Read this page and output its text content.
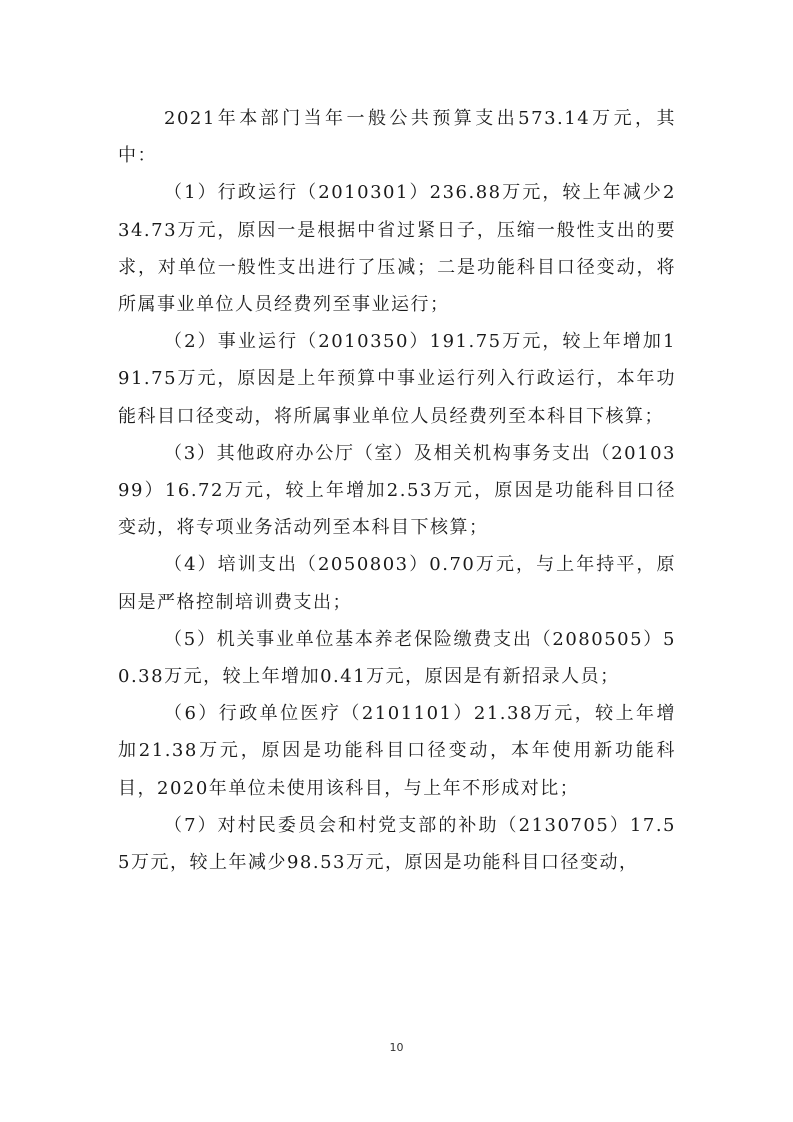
2021年本部门当年一般公共预算支出573.14万元，其中：

（1）行政运行（2010301）236.88万元，较上年减少234.73万元，原因一是根据中省过紧日子，压缩一般性支出的要求，对单位一般性支出进行了压减；二是功能科目口径变动，将所属事业单位人员经费列至事业运行；

（2）事业运行（2010350）191.75万元，较上年增加191.75万元，原因是上年预算中事业运行列入行政运行，本年功能科目口径变动，将所属事业单位人员经费列至本科目下核算；

（3）其他政府办公厅（室）及相关机构事务支出（2010399）16.72万元，较上年增加2.53万元，原因是功能科目口径变动，将专项业务活动列至本科目下核算；

（4）培训支出（2050803）0.70万元，与上年持平，原因是严格控制培训费支出；

（5）机关事业单位基本养老保险缴费支出（2080505）50.38万元，较上年增加0.41万元，原因是有新招录人员；

（6）行政单位医疗（2101101）21.38万元，较上年增加21.38万元，原因是功能科目口径变动，本年使用新功能科目，2020年单位未使用该科目，与上年不形成对比；

（7）对村民委员会和村党支部的补助（2130705）17.55万元，较上年减少98.53万元，原因是功能科目口径变动，

10
